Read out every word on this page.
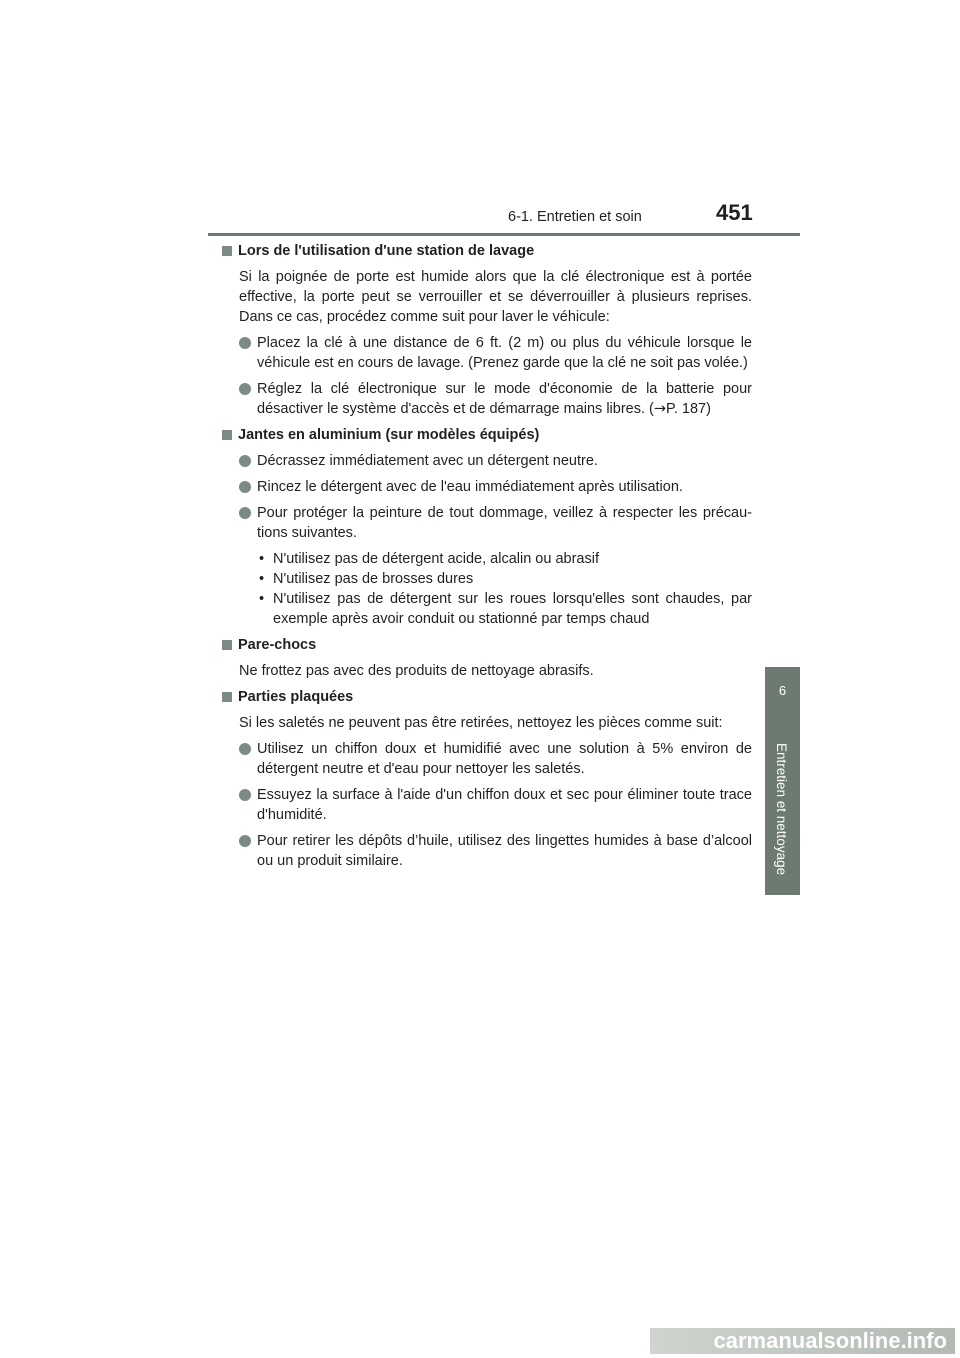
6-1. Entretien et soin	451
6
Entretien et nettoyage
Lors de l'utilisation d'une station de lavage
Si la poignée de porte est humide alors que la clé électronique est à portée effective, la porte peut se verrouiller et se déverrouiller à plusieurs reprises. Dans ce cas, procédez comme suit pour laver le véhicule:

Placez la clé à une distance de 6 ft. (2 m) ou plus du véhicule lorsque le véhicule est en cours de lavage. (Prenez garde que la clé ne soit pas volée.)

Réglez la clé électronique sur le mode d'économie de la batterie pour désactiver le système d'accès et de démarrage mains libres. (→P. 187)

Jantes en aluminium (sur modèles équipés)

Décrassez immédiatement avec un détergent neutre.

Rincez le détergent avec de l'eau immédiatement après utilisation.

Pour protéger la peinture de tout dommage, veillez à respecter les précau-tions suivantes.

• N'utilisez pas de détergent acide, alcalin ou abrasif
• N'utilisez pas de brosses dures
• N'utilisez pas de détergent sur les roues lorsqu'elles sont chaudes, par exemple après avoir conduit ou stationné par temps chaud
Pare-chocs
Ne frottez pas avec des produits de nettoyage abrasifs.
Parties plaquées
Si les saletés ne peuvent pas être retirées, nettoyez les pièces comme suit:

Utilisez un chiffon doux et humidifié avec une solution à 5% environ de détergent neutre et d'eau pour nettoyer les saletés.

Essuyez la surface à l'aide d'un chiffon doux et sec pour éliminer toute trace d'humidité.

Pour retirer les dépôts d’huile, utilisez des lingettes humides à base d’alcool ou un produit similaire.

carmanualsonline.info
